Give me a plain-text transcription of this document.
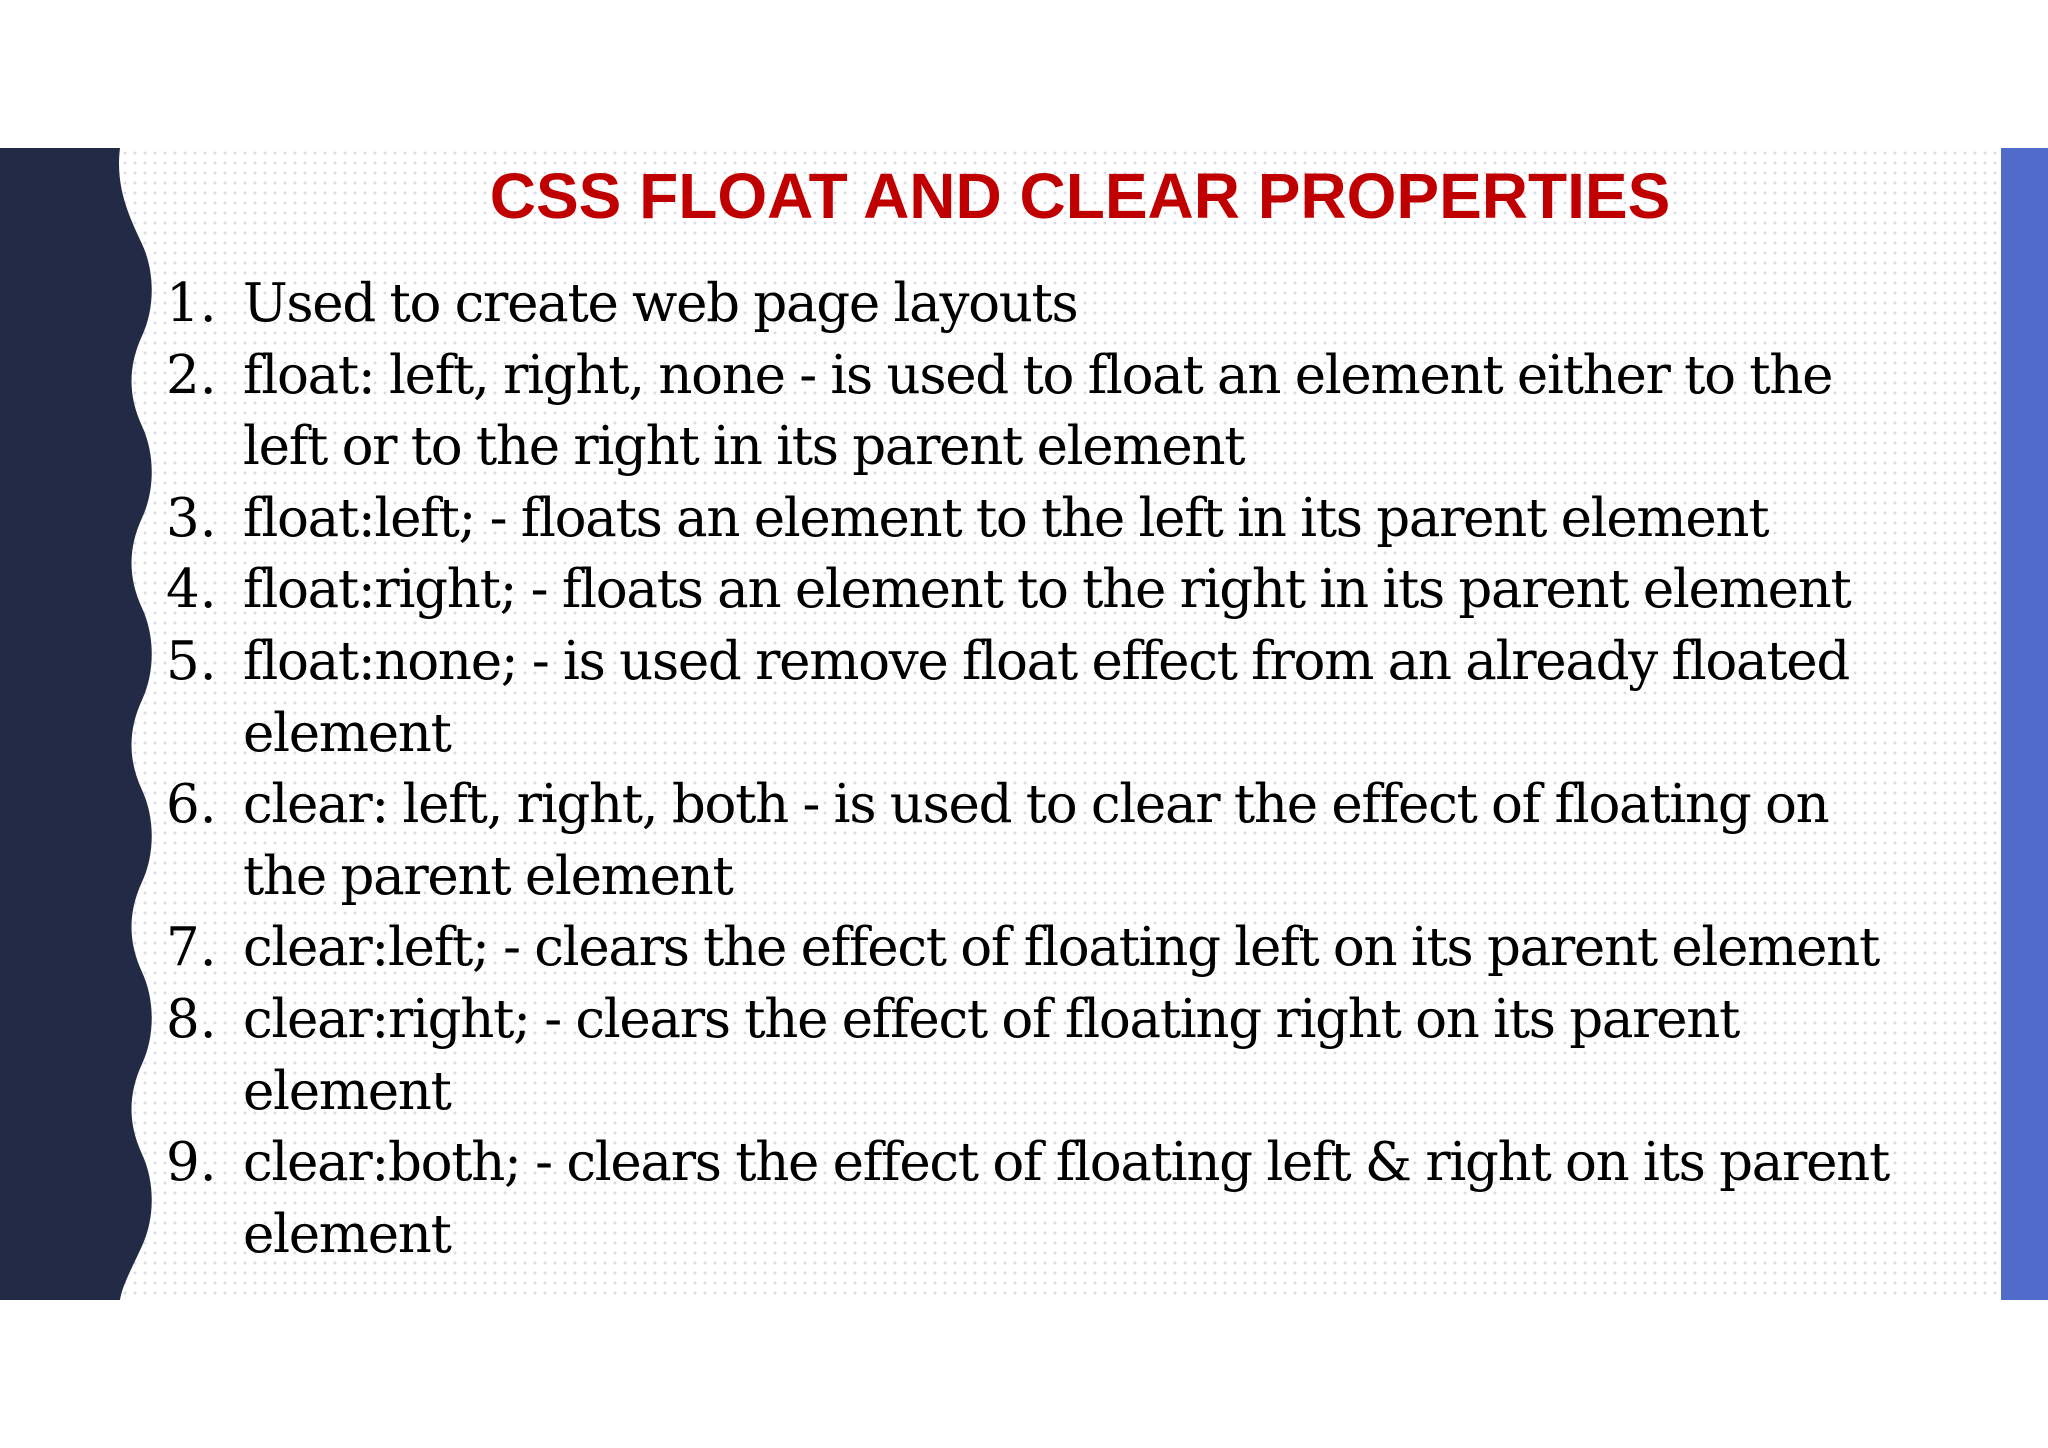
CSS FLOAT AND CLEAR PROPERTIES
1. Used to create web page layouts
2. float: left, right, none - is used to float an element either to the left or to the right in its parent element
3. float:left; - floats an element to the left in its parent element
4. float:right; - floats an element to the right in its parent element
5. float:none; - is used remove float effect from an already floated element
6. clear: left, right, both - is used to clear the effect of floating on the parent element
7. clear:left; - clears the effect of floating left on its parent element
8. clear:right; - clears the effect of floating right on its parent element
9. clear:both; - clears the effect of floating left & right on its parent element
